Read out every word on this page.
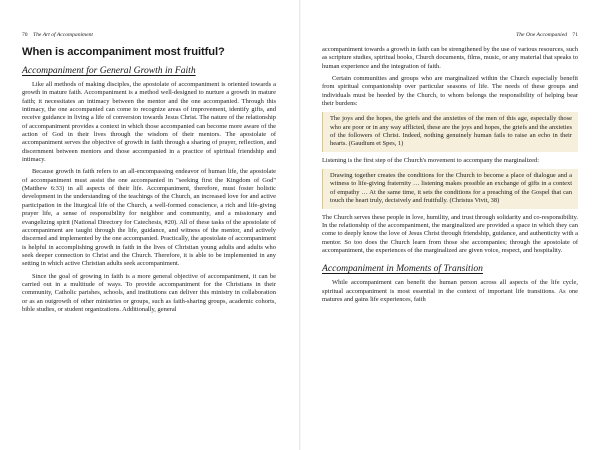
70 The Art of Accompaniment
When is accompaniment most fruitful?
Accompaniment for General Growth in Faith

Like all methods of making disciples, the apostolate of accompaniment is oriented towards a growth in mature faith. Accompaniment is a method well-designed to nurture a growth in mature faith; it necessitates an intimacy between the mentor and the one accompanied. Through this intimacy, the one accompanied can come to recognize areas of improvement, identify gifts, and receive guidance in living a life of conversion towards Jesus Christ. The nature of the relationship of accompaniment provides a context in which those accompanied can become more aware of the action of God in their lives through the wisdom of their mentors. The apostolate of accompaniment serves the objective of growth in faith through a sharing of prayer, reflection, and discernment between mentors and those accompanied in a practice of spiritual friendship and intimacy.

Because growth in faith refers to an all-encompassing endeavor of human life, the apostolate of accompaniment must assist the one accompanied in "seeking first the Kingdom of God" (Matthew 6:33) in all aspects of their life. Accompaniment, therefore, must foster holistic development in the understanding of the teachings of the Church, an increased love for and active participation in the liturgical life of the Church, a well-formed conscience, a rich and life-giving prayer life, a sense of responsibility for neighbor and community, and a missionary and evangelizing spirit (National Directory for Catechesis, #20). All of these tasks of the apostolate of accompaniment are taught through the life, guidance, and witness of the mentor, and actively discerned and implemented by the one accompanied. Practically, the apostolate of accompaniment is helpful in accomplishing growth in faith in the lives of Christian young adults and adults who seek deeper connection to Christ and the Church. Therefore, it is able to be implemented in any setting in which active Christian adults seek accompaniment.

Since the goal of growing in faith is a more general objective of accompaniment, it can be carried out in a multitude of ways. To provide accompaniment for the Christians in their community, Catholic parishes, schools, and institutions can deliver this ministry in collaboration or as an outgrowth of other ministries or groups, such as faith-sharing groups, academic cohorts, bible studies, or student organizations. Additionally, general

The One Accompanied 71

accompaniment towards a growth in faith can be strengthened by the use of various resources, such as scripture studies, spiritual books, Church documents, films, music, or any material that speaks to human experience and the integration of faith.

Certain communities and groups who are marginalized within the Church especially benefit from spiritual companionship over particular seasons of life. The needs of these groups and individuals must be heeded by the Church, to whom belongs the responsibility of helping bear their burdens:

The joys and the hopes, the griefs and the anxieties of the men of this age, especially those who are poor or in any way afflicted, these are the joys and hopes, the griefs and the anxieties of the followers of Christ. Indeed, nothing genuinely human fails to raise an echo in their hearts. (Gaudium et Spes, 1)

Listening is the first step of the Church's movement to accompany the marginalized:

Drawing together creates the conditions for the Church to become a place of dialogue and a witness to life-giving fraternity … listening makes possible an exchange of gifts in a context of empathy … At the same time, it sets the conditions for a preaching of the Gospel that can touch the heart truly, decisively and fruitfully. (Christus Vivit, 38)

The Church serves these people in love, humility, and trust through solidarity and co-responsibility. In the relationship of the accompaniment, the marginalized are provided a space in which they can come to deeply know the love of Jesus Christ through friendship, guidance, and authenticity with a mentor. So too does the Church learn from those she accompanies; through the apostolate of accompaniment, the experiences of the marginalized are given voice, respect, and hospitality.

Accompaniment in Moments of Transition

While accompaniment can benefit the human person across all aspects of the life cycle, spiritual accompaniment is most essential in the context of important life transitions. As one matures and gains life experiences, faith
